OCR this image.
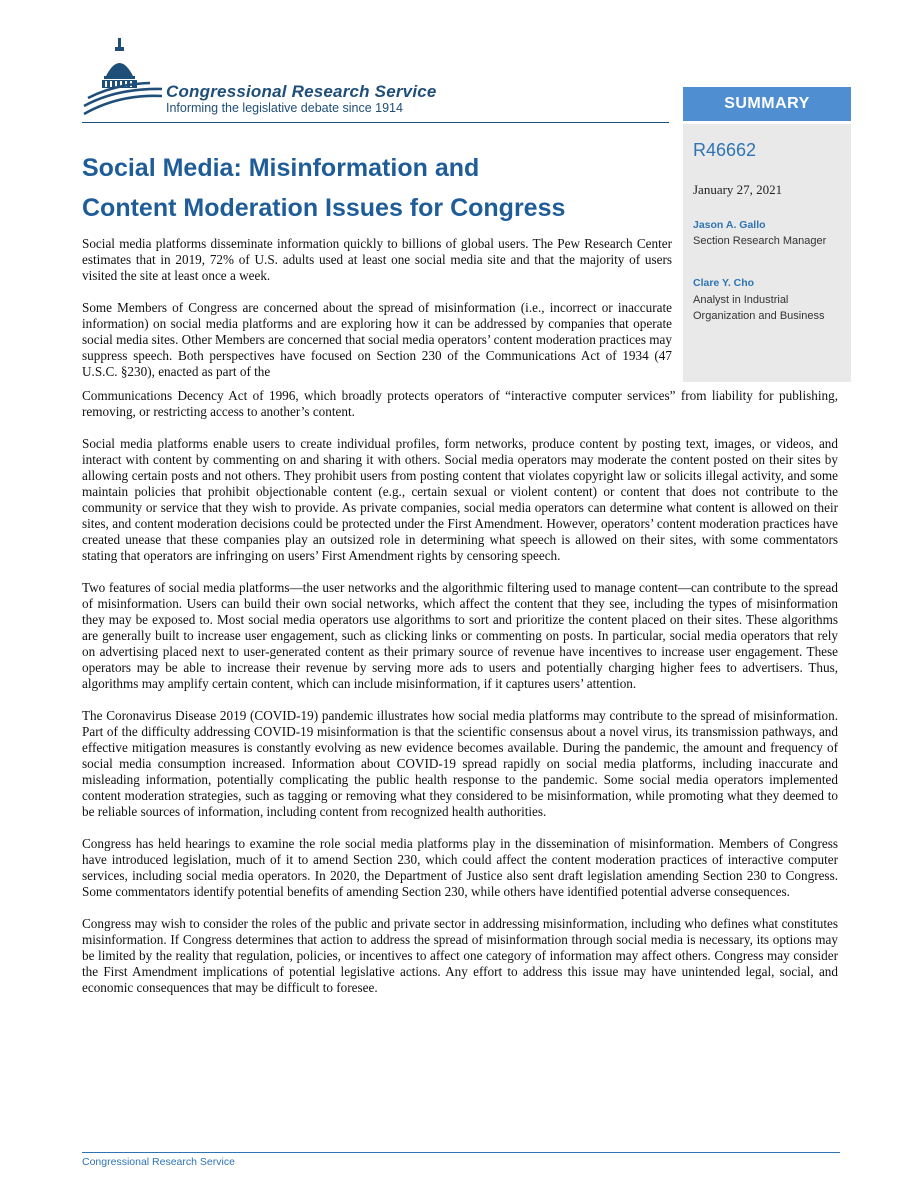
Congressional Research Service
Informing the legislative debate since 1914	SUMMARY
R46662
January 27, 2021
Jason A. Gallo
Section Research Manager
Clare Y. Cho
Analyst in Industrial Organization and Business
Social Media: Misinformation and
Content Moderation Issues for Congress

Social media platforms disseminate information quickly to billions of global users. The Pew Research Center estimates that in 2019, 72% of U.S. adults used at least one social media site and that the majority of users visited the site at least once a week.

Some Members of Congress are concerned about the spread of misinformation (i.e., incorrect or inaccurate information) on social media platforms and are exploring how it can be addressed by companies that operate social media sites. Other Members are concerned that social media operators’ content moderation practices may suppress speech. Both perspectives have focused on Section 230 of the Communications Act of 1934 (47 U.S.C. §230), enacted as part of the

Communications Decency Act of 1996, which broadly protects operators of “interactive computer services” from liability for publishing, removing, or restricting access to another’s content.

Social media platforms enable users to create individual profiles, form networks, produce content by posting text, images, or videos, and interact with content by commenting on and sharing it with others. Social media operators may moderate the content posted on their sites by allowing certain posts and not others. They prohibit users from posting content that violates copyright law or solicits illegal activity, and some maintain policies that prohibit objectionable content (e.g., certain sexual or violent content) or content that does not contribute to the community or service that they wish to provide. As private companies, social media operators can determine what content is allowed on their sites, and content moderation decisions could be protected under the First Amendment. However, operators’ content moderation practices have created unease that these companies play an outsized role in determining what speech is allowed on their sites, with some commentators stating that operators are infringing on users’ First Amendment rights by censoring speech.

Two features of social media platforms—the user networks and the algorithmic filtering used to manage content—can contribute to the spread of misinformation. Users can build their own social networks, which affect the content that they see, including the types of misinformation they may be exposed to. Most social media operators use algorithms to sort and prioritize the content placed on their sites. These algorithms are generally built to increase user engagement, such as clicking links or commenting on posts. In particular, social media operators that rely on advertising placed next to user-generated content as their primary source of revenue have incentives to increase user engagement. These operators may be able to increase their revenue by serving more ads to users and potentially charging higher fees to advertisers. Thus, algorithms may amplify certain content, which can include misinformation, if it captures users’ attention.

The Coronavirus Disease 2019 (COVID-19) pandemic illustrates how social media platforms may contribute to the spread of misinformation. Part of the difficulty addressing COVID-19 misinformation is that the scientific consensus about a novel virus, its transmission pathways, and effective mitigation measures is constantly evolving as new evidence becomes available. During the pandemic, the amount and frequency of social media consumption increased. Information about COVID-19 spread rapidly on social media platforms, including inaccurate and misleading information, potentially complicating the public health response to the pandemic. Some social media operators implemented content moderation strategies, such as tagging or removing what they considered to be misinformation, while promoting what they deemed to be reliable sources of information, including content from recognized health authorities.

Congress has held hearings to examine the role social media platforms play in the dissemination of misinformation. Members of Congress have introduced legislation, much of it to amend Section 230, which could affect the content moderation practices of interactive computer services, including social media operators. In 2020, the Department of Justice also sent draft legislation amending Section 230 to Congress. Some commentators identify potential benefits of amending Section 230, while others have identified potential adverse consequences.

Congress may wish to consider the roles of the public and private sector in addressing misinformation, including who defines what constitutes misinformation. If Congress determines that action to address the spread of misinformation through social media is necessary, its options may be limited by the reality that regulation, policies, or incentives to affect one category of information may affect others. Congress may consider the First Amendment implications of potential legislative actions. Any effort to address this issue may have unintended legal, social, and economic consequences that may be difficult to foresee.

Congressional Research Service
